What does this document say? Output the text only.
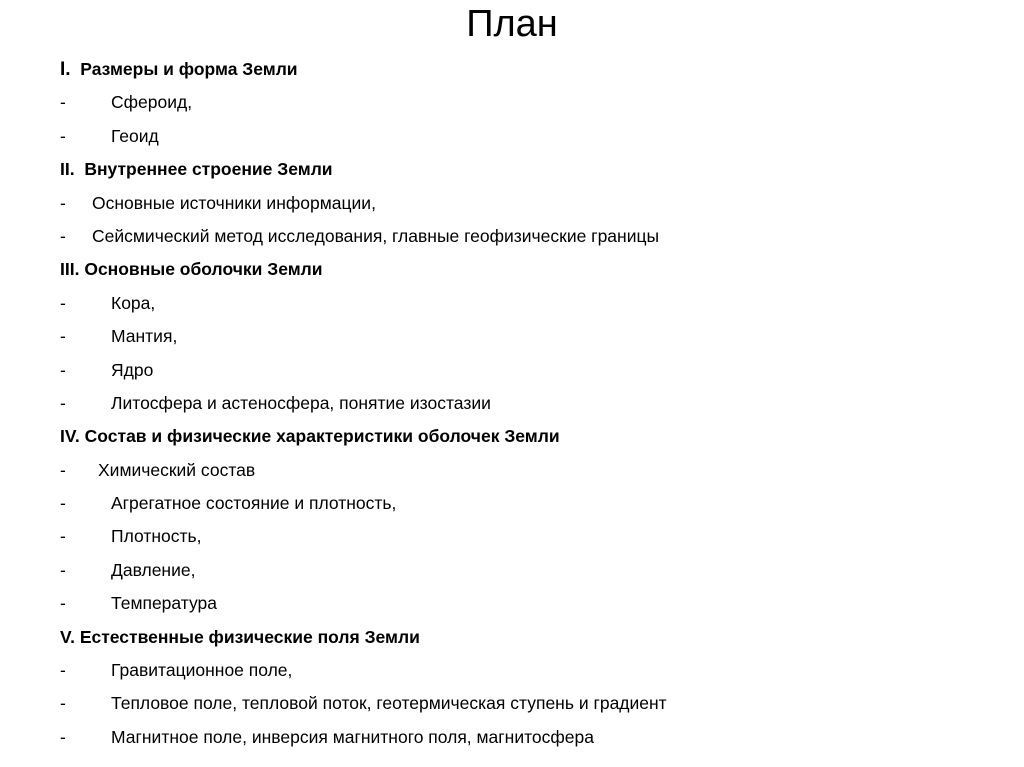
План
I. Размеры и форма Земли
-	Сфероид,
-	Геоид
II. Внутреннее строение Земли
- Основные источники информации,
- Сейсмический метод исследования, главные геофизические границы
III. Основные оболочки Земли
-	Кора,
-	Мантия,
-	Ядро
-	Литосфера и астеносфера, понятие изостазии
IV. Состав и физические характеристики оболочек Земли
- Химический состав
-	Агрегатное состояние и плотность,
-	Плотность,
-	Давление,
-	Температура
V. Естественные физические поля Земли
-	Гравитационное поле,
-	Тепловое поле, тепловой поток, геотермическая ступень и градиент
-	Магнитное поле, инверсия магнитного поля, магнитосфера
